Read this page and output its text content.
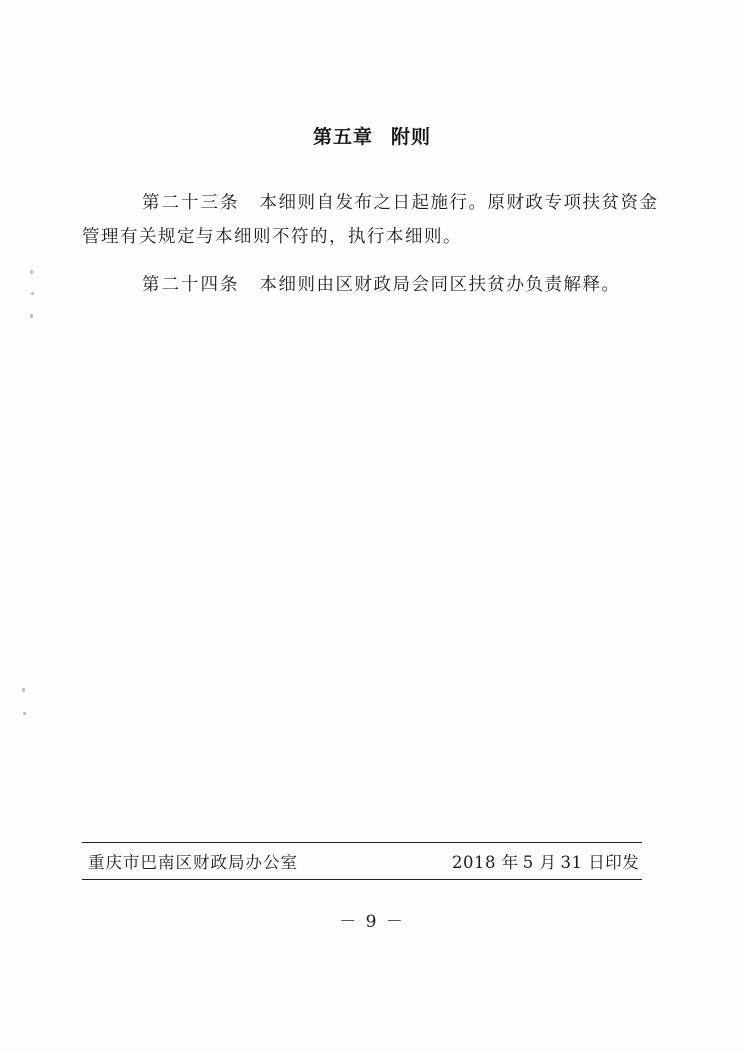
第五章 附则
第二十三条 本细则自发布之日起施行。原财政专项扶贫资金管理有关规定与本细则不符的，执行本细则。
第二十四条 本细则由区财政局会同区扶贫办负责解释。
重庆市巴南区财政局办公室	2018 年 5 月 31 日印发
－ 9 －
